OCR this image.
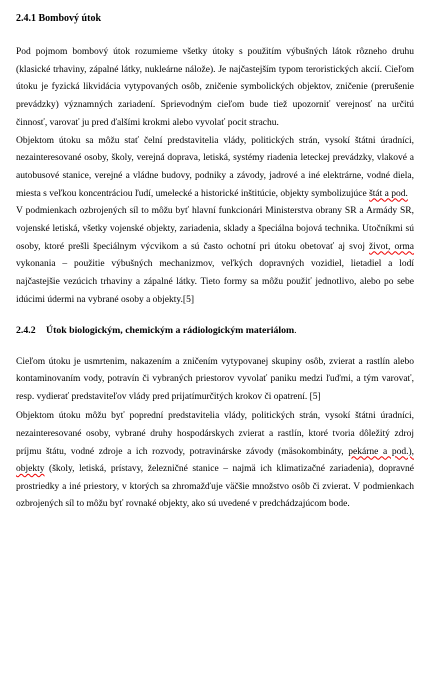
2.4.1 Bombový útok

Pod pojmom bombový útok rozumieme všetky útoky s použitím výbušných látok rôzneho druhu (klasické trhaviny, zápalné látky, nukleárne nálože). Je najčastejším typom teroristických akcií. Cieľom útoku je fyzická likvidácia vytypovaných osôb, zničenie symbolických objektov, zničenie (prerušenie prevádzky) významných zariadení. Sprievodným cieľom bude tiež upozorniť verejnosť na určitú činnosť, varovať ju pred ďalšími krokmi alebo vyvolať pocit strachu.

Objektom útoku sa môžu stať čelní predstavitelia vlády, politických strán, vysokí štátni úradníci, nezainteresované osoby, školy, verejná doprava, letiská, systémy riadenia leteckej prevádzky, vlakové a autobusové stanice, verejné a vládne budovy, podniky a závody, jadrové a iné elektrárne, vodné diela, miesta s veľkou koncentráciou ľudí, umelecké a historické inštitúcie, objekty symbolizujúce štát a pod.

V podmienkach ozbrojených síl to môžu byť hlavní funkcionári Ministerstva obrany SR a Armády SR, vojenské letiská, všetky vojenské objekty, zariadenia, sklady a špeciálna bojová technika. Utočníkmi sú osoby, ktoré prešli špeciálnym výcvikom a sú často ochotní pri útoku obetovať aj svoj život, orma vykonania – použitie výbušných mechanizmov, veľkých dopravných vozidiel, lietadiel a lodí najčastejšie vezúcich trhaviny a zápalné látky. Tieto formy sa môžu použiť jednotlivo, alebo po sebe idúcimi údermi na vybrané osoby a objekty.[5]

2.4.2 Útok biologickým, chemickým a rádiologickým materiálom.

Cieľom útoku je usmrtenim, nakazením a zničením vytypovanej skupiny osôb, zvierat a rastlín alebo kontaminovaním vody, potravín či vybraných priestorov vyvolať paniku medzi ľuďmi, a tým varovať, resp. vydierať predstaviteľov vlády pred prijatímurčitých krokov či opatrení. [5]

Objektom útoku môžu byť poprední predstavitelia vlády, politických strán, vysokí štátni úradníci, nezainteresované osoby, vybrané druhy hospodárskych zvierat a rastlín, ktoré tvoria dôležitý zdroj príjmu štátu, vodné zdroje a ich rozvody, potravinárske závody (mäsokombináty, pekárne a pod.), objekty (školy, letiská, prístavy, železničné stanice – najmä ich klimatizačné zariadenia), dopravné prostriedky a iné priestory, v ktorých sa zhromažďuje väčšie množstvo osôb či zvierat. V podmienkach ozbrojených síl to môžu byť rovnaké objekty, ako sú uvedené v predchádzajúcom bode.
